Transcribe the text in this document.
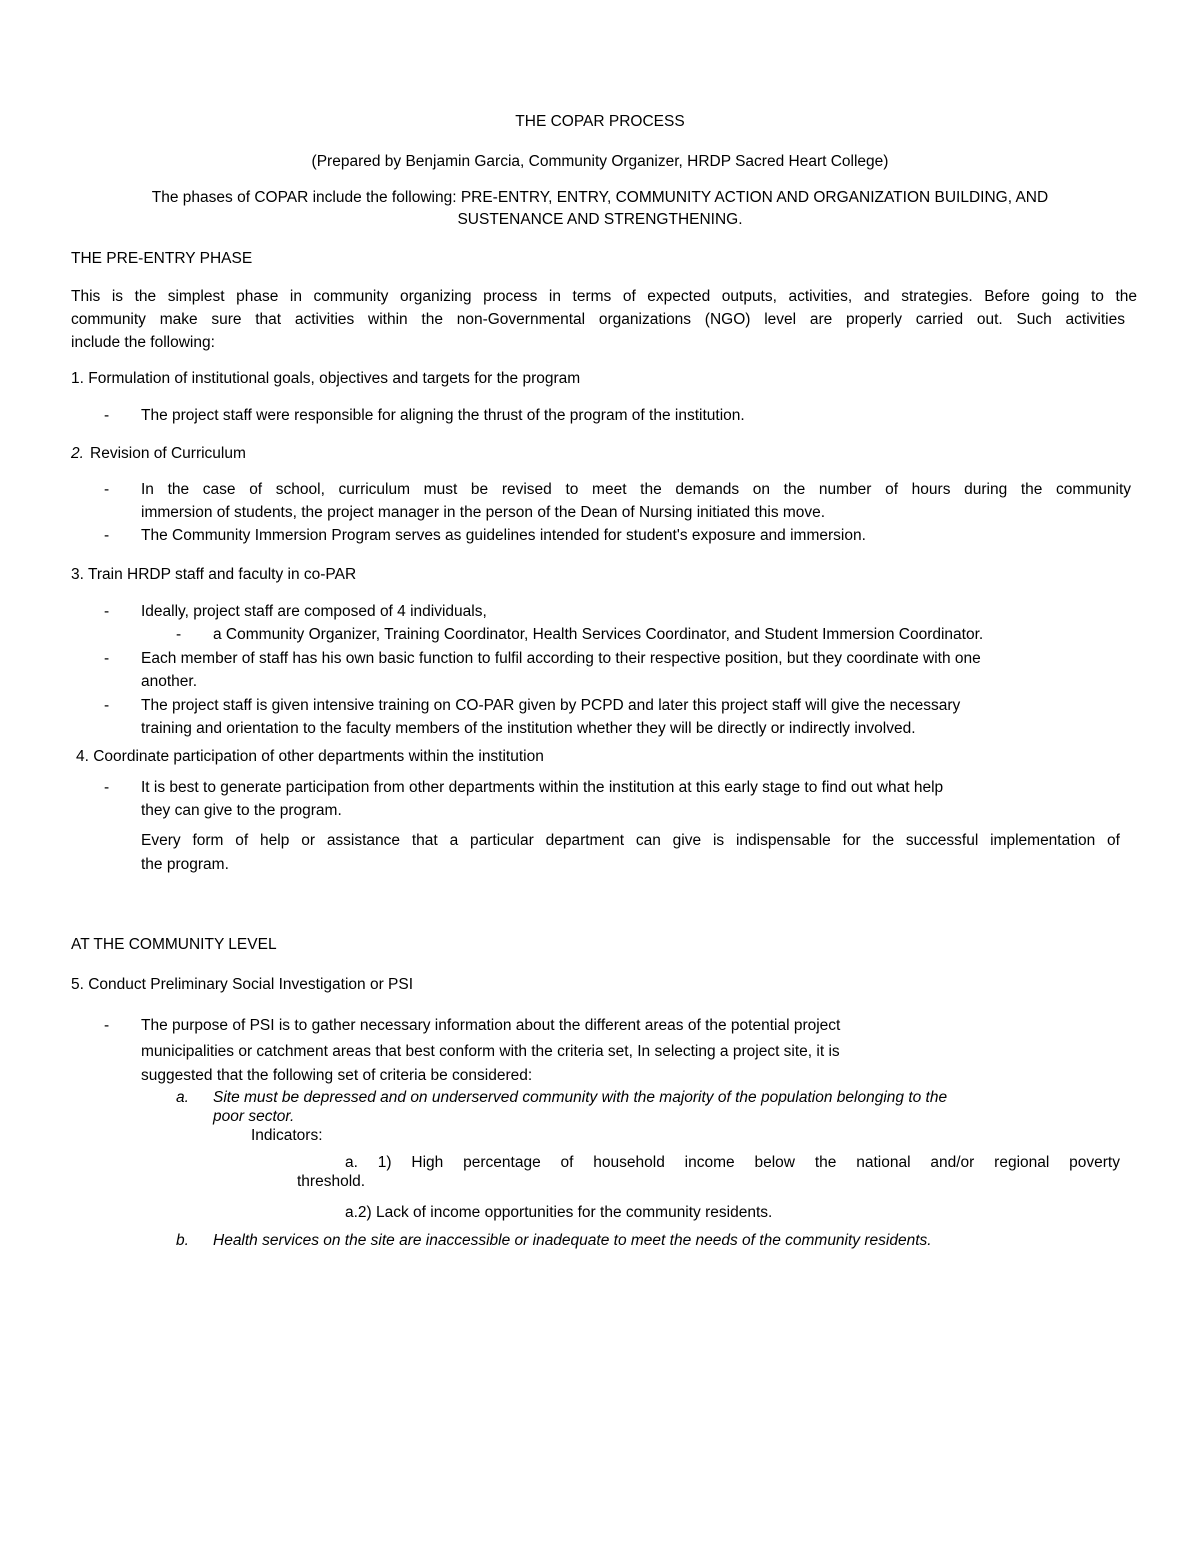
THE COPAR PROCESS
(Prepared by Benjamin Garcia, Community Organizer, HRDP Sacred Heart College)
The phases of COPAR include the following: PRE-ENTRY, ENTRY, COMMUNITY ACTION AND ORGANIZATION BUILDING, AND
SUSTENANCE AND STRENGTHENING.
THE PRE-ENTRY PHASE
This is the simplest phase in community organizing process in terms of expected outputs, activities, and strategies. Before going to the
community make sure that activities within the non-Governmental organizations (NGO) level are properly carried out. Such activities
include the following:
1. Formulation of institutional goals, objectives and targets for the program
- The project staff were responsible for aligning the thrust of the program of the institution.
2. Revision of Curriculum
- In the case of school, curriculum must be revised to meet the demands on the number of hours during the community
immersion of students, the project manager in the person of the Dean of Nursing initiated this move.
- The Community Immersion Program serves as guidelines intended for student's exposure and immersion.
3. Train HRDP staff and faculty in co-PAR
- Ideally, project staff are composed of 4 individuals,
- a Community Organizer, Training Coordinator, Health Services Coordinator, and Student Immersion Coordinator.
- Each member of staff has his own basic function to fulfil according to their respective position, but they coordinate with one
another.
- The project staff is given intensive training on CO-PAR given by PCPD and later this project staff will give the necessary
training and orientation to the faculty members of the institution whether they will be directly or indirectly involved.
4. Coordinate participation of other departments within the institution
- It is best to generate participation from other departments within the institution at this early stage to find out what help
they can give to the program.
Every form of help or assistance that a particular department can give is indispensable for the successful implementation of
the program.
AT THE COMMUNITY LEVEL
5. Conduct Preliminary Social Investigation or PSI
- The purpose of PSI is to gather necessary information about the different areas of the potential project
municipalities or catchment areas that best conform with the criteria set, In selecting a project site, it is
suggested that the following set of criteria be considered:
a. Site must be depressed and on underserved community with the majority of the population belonging to the
poor sector.
Indicators:
a. 1) High percentage of household income below the national and/or regional poverty
threshold.
a.2) Lack of income opportunities for the community residents.
b. Health services on the site are inaccessible or inadequate to meet the needs of the community residents.
